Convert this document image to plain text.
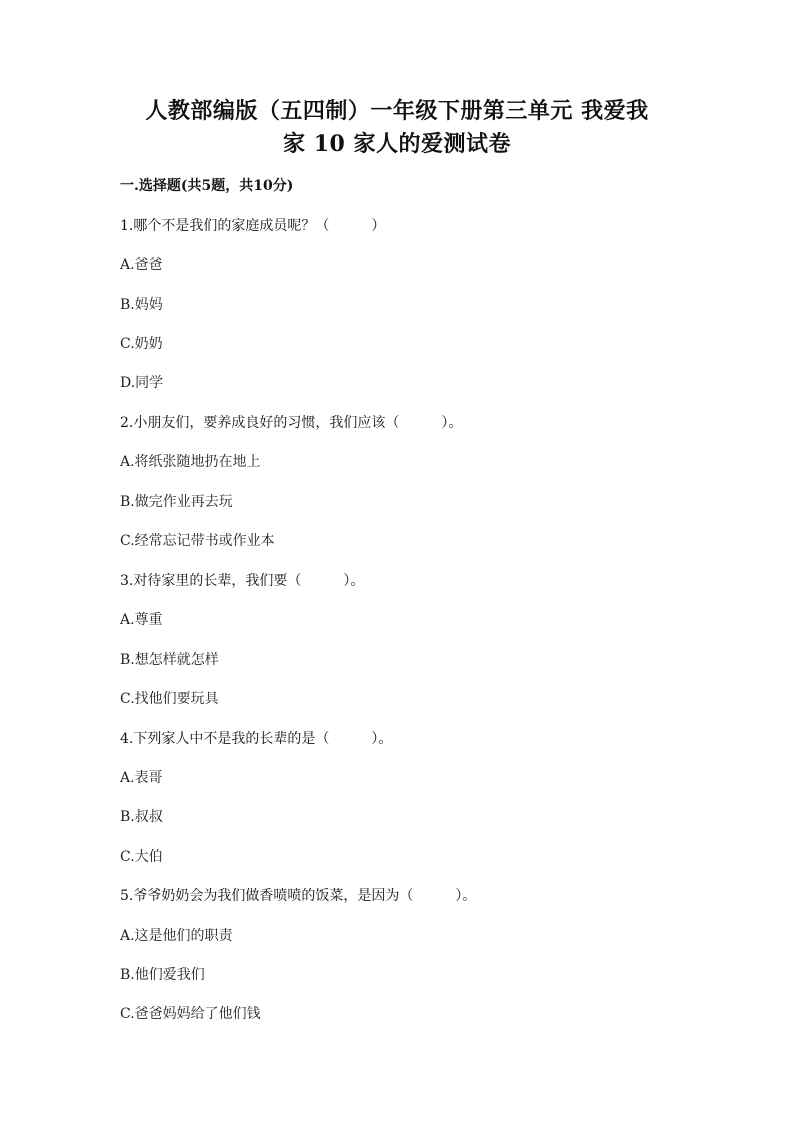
人教部编版（五四制）一年级下册第三单元 我爱我
家 10 家人的爱测试卷
一.选择题(共5题，共10分)
1.哪个不是我们的家庭成员呢？（　　　）
A.爸爸
B.妈妈
C.奶奶
D.同学
2.小朋友们，要养成良好的习惯，我们应该（　　　）。
A.将纸张随地扔在地上
B.做完作业再去玩
C.经常忘记带书或作业本
3.对待家里的长辈，我们要（　　　）。
A.尊重
B.想怎样就怎样
C.找他们要玩具
4.下列家人中不是我的长辈的是（　　　）。
A.表哥
B.叔叔
C.大伯
5.爷爷奶奶会为我们做香喷喷的饭菜，是因为（　　　）。
A.这是他们的职责
B.他们爱我们
C.爸爸妈妈给了他们钱
